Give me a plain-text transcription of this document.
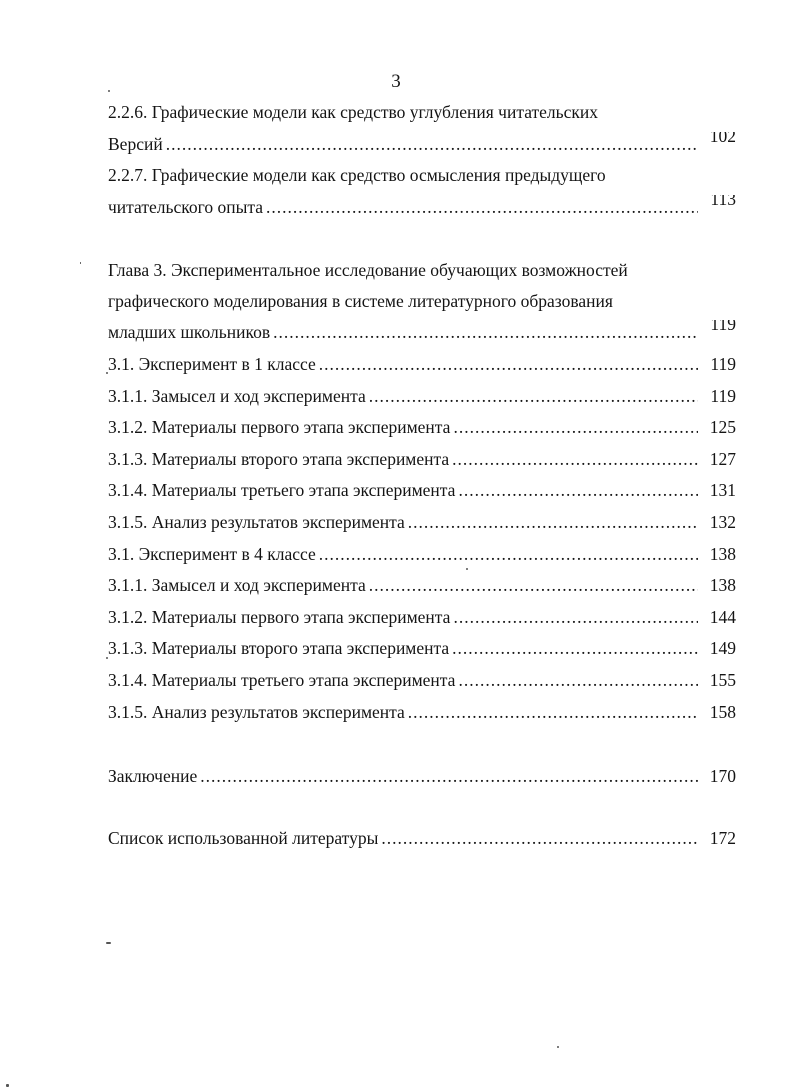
3
2.2.6. Графические модели как средство углубления читательских
Версий .....	102
2.2.7. Графические модели как средство осмысления предыдущего
читательского опыта .....	113
Глава 3. Экспериментальное исследование обучающих возможностей
графического моделирования в системе литературного образования
младших школьников .....	119
3.1. Эксперимент в 1 классе .....	119
3.1.1. Замысел и ход эксперимента .....	119
3.1.2. Материалы первого этапа эксперимента .....	125
3.1.3. Материалы второго этапа эксперимента .....	127
3.1.4. Материалы третьего этапа эксперимента .....	131
3.1.5. Анализ результатов эксперимента .....	132
3.1. Эксперимент в 4 классе .....	138
3.1.1. Замысел и ход эксперимента .....	138
3.1.2. Материалы первого этапа эксперимента .....	144
3.1.3. Материалы второго этапа эксперимента .....	149
3.1.4. Материалы третьего этапа эксперимента .....	155
3.1.5. Анализ результатов эксперимента .....	158
Заключение .....	170
Список использованной литературы .....	172
